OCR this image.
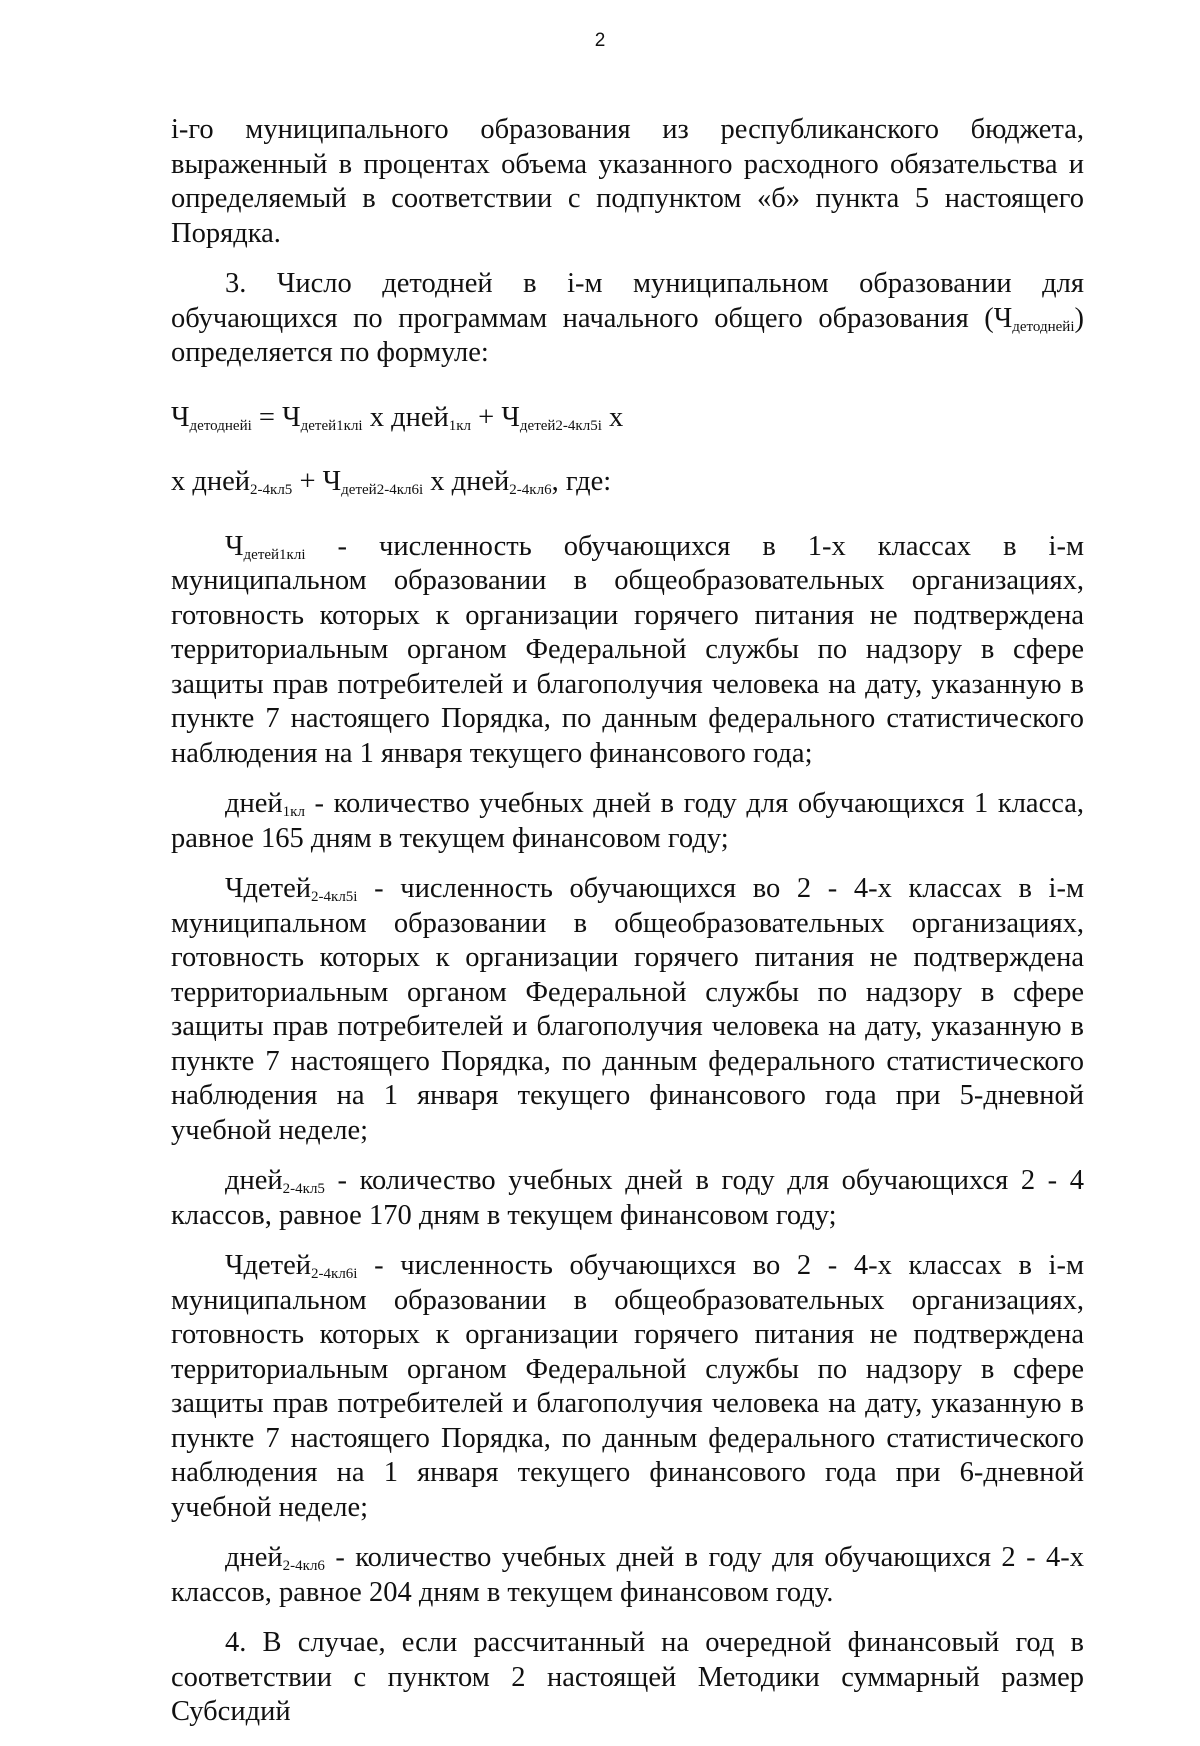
2

i-го муниципального образования из республиканского бюджета, выраженный в процентах объема указанного расходного обязательства и определяемый в соответствии с подпунктом «б» пункта 5 настоящего Порядка.

3. Число детодней в i-м муниципальном образовании для обучающихся по программам начального общего образования $(Ч_{детоднейi})$ определяется по формуле:

$Ч_{детоднейi} = Ч_{детей1клi}$ х дней$_{1кл}$ + $Ч_{детей2-4кл5i}$ х

х дней$_{2-4кл5}$ + $Ч_{детей2-4кл6i}$ х дней$_{2-4кл6}$, где:

$Ч_{детей1клi}$ - численность обучающихся в 1-х классах в i-м муниципальном образовании в общеобразовательных организациях, готовность которых к организации горячего питания не подтверждена территориальным органом Федеральной службы по надзору в сфере защиты прав потребителей и благополучия человека на дату, указанную в пункте 7 настоящего Порядка, по данным федерального статистического наблюдения на 1 января текущего финансового года;

дней$_{1кл}$ - количество учебных дней в году для обучающихся 1 класса, равное 165 дням в текущем финансовом году;

Чдетей$_{2-4кл5i}$ - численность обучающихся во 2 - 4-х классах в i-м муниципальном образовании в общеобразовательных организациях, готовность которых к организации горячего питания не подтверждена территориальным органом Федеральной службы по надзору в сфере защиты прав потребителей и благополучия человека на дату, указанную в пункте 7 настоящего Порядка, по данным федерального статистического наблюдения на 1 января текущего финансового года при 5-дневной учебной неделе;

дней$_{2-4кл5}$ - количество учебных дней в году для обучающихся 2 - 4 классов, равное 170 дням в текущем финансовом году;

Чдетей$_{2-4кл6i}$ - численность обучающихся во 2 - 4-х классах в i-м муниципальном образовании в общеобразовательных организациях, готовность которых к организации горячего питания не подтверждена территориальным органом Федеральной службы по надзору в сфере защиты прав потребителей и благополучия человека на дату, указанную в пункте 7 настоящего Порядка, по данным федерального статистического наблюдения на 1 января текущего финансового года при 6-дневной учебной неделе;

дней$_{2-4кл6}$ - количество учебных дней в году для обучающихся 2 - 4-х классов, равное 204 дням в текущем финансовом году.

4. В случае, если рассчитанный на очередной финансовый год в соответствии с пунктом 2 настоящей Методики суммарный размер Субсидий
